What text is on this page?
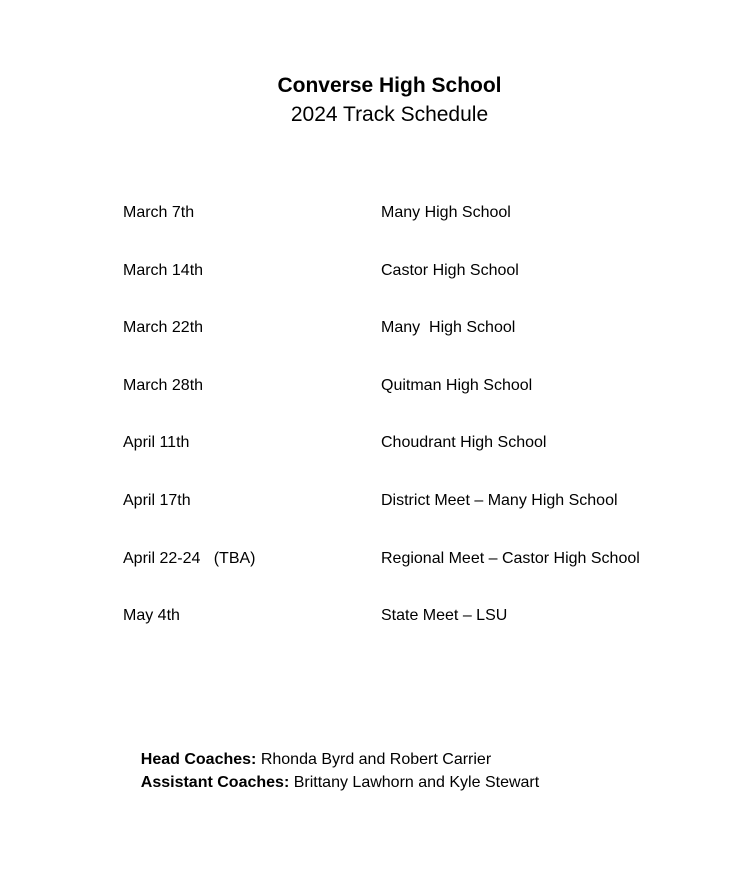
Converse High School
2024 Track Schedule
March 7th	Many High School
March 14th	Castor High School
March 22th	Many  High School
March 28th	Quitman High School
April 11th	Choudrant High School
April 17th	District Meet – Many High School
April 22-24   (TBA)	Regional Meet – Castor High School
May 4th	State Meet – LSU

Head Coaches: Rhonda Byrd and Robert Carrier

Assistant Coaches: Brittany Lawhorn and Kyle Stewart
